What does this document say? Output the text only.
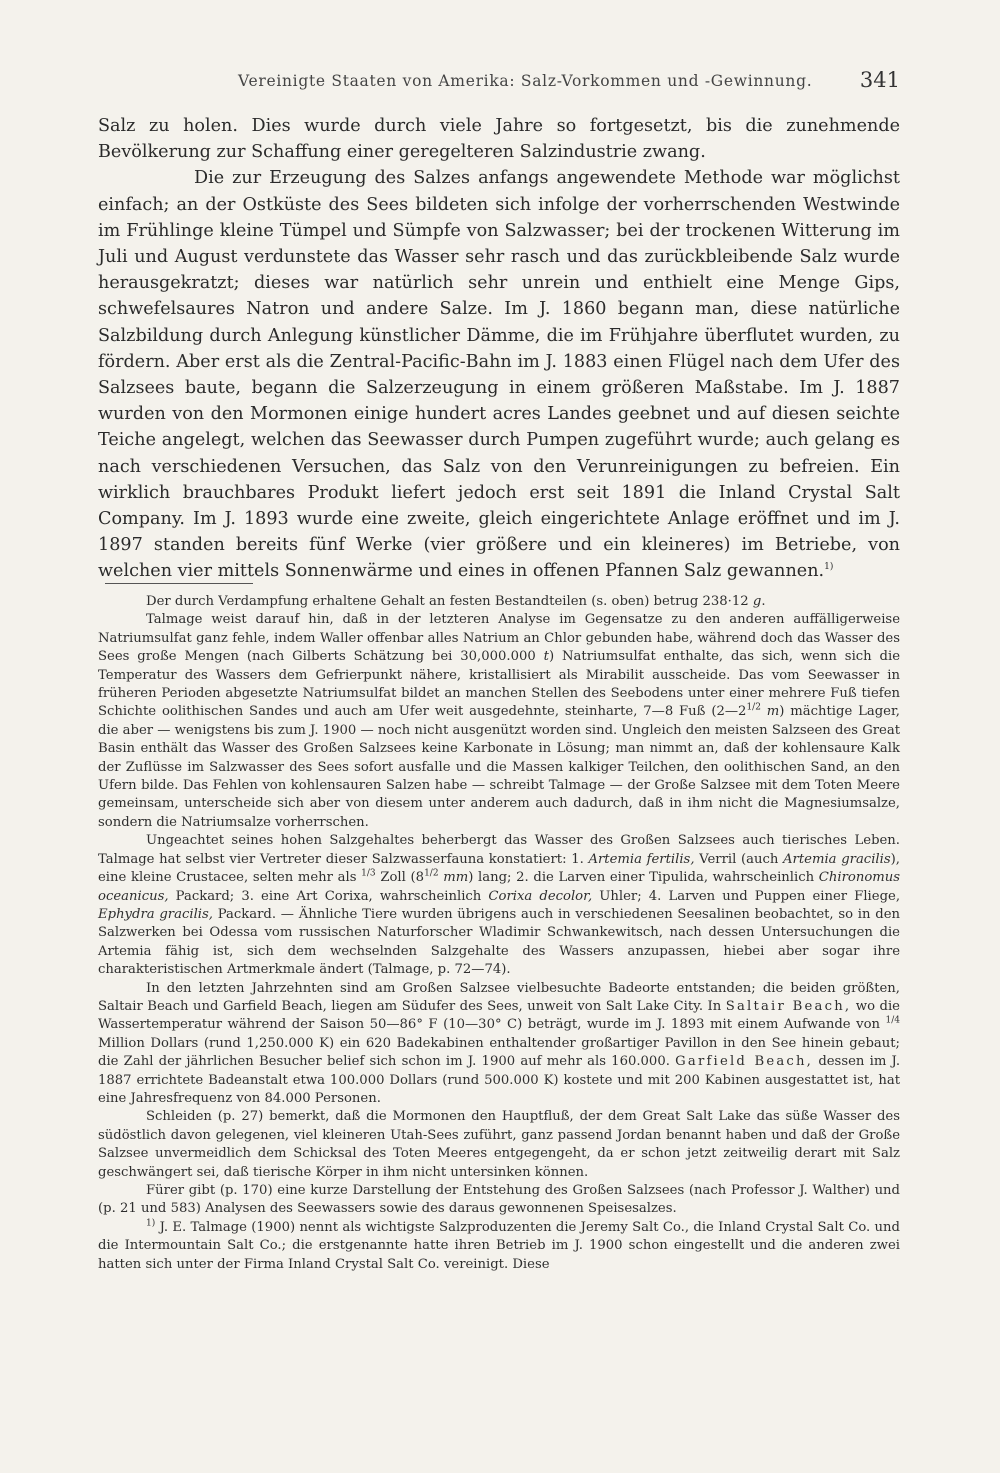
Vereinigte Staaten von Amerika: Salz-Vorkommen und -Gewinnung. 341

Salz zu holen. Dies wurde durch viele Jahre so fortgesetzt, bis die zunehmende Bevölkerung zur Schaffung einer geregelteren Salzindustrie zwang.

Die zur Erzeugung des Salzes anfangs angewendete Methode war möglichst einfach; an der Ostküste des Sees bildeten sich infolge der vorherrschenden Westwinde im Frühlinge kleine Tümpel und Sümpfe von Salzwasser; bei der trockenen Witterung im Juli und August verdunstete das Wasser sehr rasch und das zurückbleibende Salz wurde herausgekratzt; dieses war natürlich sehr unrein und enthielt eine Menge Gips, schwefelsaures Natron und andere Salze. Im J. 1860 begann man, diese natürliche Salzbildung durch Anlegung künstlicher Dämme, die im Frühjahre überflutet wurden, zu fördern. Aber erst als die Zentral-Pacific-Bahn im J. 1883 einen Flügel nach dem Ufer des Salzsees baute, begann die Salzerzeugung in einem größeren Maßstabe. Im J. 1887 wurden von den Mormonen einige hundert acres Landes geebnet und auf diesen seichte Teiche angelegt, welchen das Seewasser durch Pumpen zugeführt wurde; auch gelang es nach verschiedenen Versuchen, das Salz von den Verunreinigungen zu befreien. Ein wirklich brauchbares Produkt liefert jedoch erst seit 1891 die Inland Crystal Salt Company. Im J. 1893 wurde eine zweite, gleich eingerichtete Anlage eröffnet und im J. 1897 standen bereits fünf Werke (vier größere und ein kleineres) im Betriebe, von welchen vier mittels Sonnenwärme und eines in offenen Pfannen Salz gewannen.$^{1)}$

Der durch Verdampfung erhaltene Gehalt an festen Bestandteilen (s. oben) betrug 238·12 g.

Talmage weist darauf hin, daß in der letzteren Analyse im Gegensatze zu den anderen auffälligerweise Natriumsulfat ganz fehle, indem Waller offenbar alles Natrium an Chlor gebunden habe, während doch das Wasser des Sees große Mengen (nach Gilberts Schätzung bei 30,000.000 t) Natriumsulfat enthalte, das sich, wenn sich die Temperatur des Wassers dem Gefrierpunkt nähere, kristallisiert als Mirabilit ausscheide. Das vom Seewasser in früheren Perioden abgesetzte Natriumsulfat bildet an manchen Stellen des Seebodens unter einer mehrere Fuß tiefen Schichte oolithischen Sandes und auch am Ufer weit ausgedehnte, steinharte, 7—8 Fuß ($2—2^{1/2}$ m) mächtige Lager, die aber — wenigstens bis zum J. 1900 — noch nicht ausgenützt worden sind. Ungleich den meisten Salzseen des Great Basin enthält das Wasser des Großen Salzsees keine Karbonate in Lösung; man nimmt an, daß der kohlensaure Kalk der Zuflüsse im Salzwasser des Sees sofort ausfalle und die Massen kalkiger Teilchen, den oolithischen Sand, an den Ufern bilde. Das Fehlen von kohlensauren Salzen habe — schreibt Talmage — der Große Salzsee mit dem Toten Meere gemeinsam, unterscheide sich aber von diesem unter anderem auch dadurch, daß in ihm nicht die Magnesiumsalze, sondern die Natriumsalze vorherrschen.

Ungeachtet seines hohen Salzgehaltes beherbergt das Wasser des Großen Salzsees auch tierisches Leben. Talmage hat selbst vier Vertreter dieser Salzwasserfauna konstatiert: 1. Artemia fertilis, Verril (auch Artemia gracilis), eine kleine Crustacee, selten mehr als $^{1/3}$ Zoll ($8^{1/2}$ mm) lang; 2. die Larven einer Tipulida, wahrscheinlich Chironomus oceanicus, Packard; 3. eine Art Corixa, wahrscheinlich Corixa decolor, Uhler; 4. Larven und Puppen einer Fliege, Ephydra gracilis, Packard. — Ähnliche Tiere wurden übrigens auch in verschiedenen Seesalinen beobachtet, so in den Salzwerken bei Odessa vom russischen Naturforscher Wladimir Schwankewitsch, nach dessen Untersuchungen die Artemia fähig ist, sich dem wechselnden Salzgehalte des Wassers anzupassen, hiebei aber sogar ihre charakteristischen Artmerkmale ändert (Talmage, p. 72—74).

In den letzten Jahrzehnten sind am Großen Salzsee vielbesuchte Badeorte entstanden; die beiden größten, Saltair Beach und Garfield Beach, liegen am Südufer des Sees, unweit von Salt Lake City. In Saltair Beach, wo die Wassertemperatur während der Saison 50—86° F (10—30° C) beträgt, wurde im J. 1893 mit einem Aufwande von $^{1/4}$ Million Dollars (rund 1,250.000 K) ein 620 Badekabinen enthaltender großartiger Pavillon in den See hinein gebaut; die Zahl der jährlichen Besucher belief sich schon im J. 1900 auf mehr als 160.000. Garfield Beach, dessen im J. 1887 errichtete Badeanstalt etwa 100.000 Dollars (rund 500.000 K) kostete und mit 200 Kabinen ausgestattet ist, hat eine Jahresfrequenz von 84.000 Personen.

Schleiden (p. 27) bemerkt, daß die Mormonen den Hauptfluß, der dem Great Salt Lake das süße Wasser des südöstlich davon gelegenen, viel kleineren Utah-Sees zuführt, ganz passend Jordan benannt haben und daß der Große Salzsee unvermeidlich dem Schicksal des Toten Meeres entgegengeht, da er schon jetzt zeitweilig derart mit Salz geschwängert sei, daß tierische Körper in ihm nicht untersinken können.

Fürer gibt (p. 170) eine kurze Darstellung der Entstehung des Großen Salzsees (nach Professor J. Walther) und (p. 21 und 583) Analysen des Seewassers sowie des daraus gewonnenen Speisesalzes.

$^{1)}$ J. E. Talmage (1900) nennt als wichtigste Salzproduzenten die Jeremy Salt Co., die Inland Crystal Salt Co. und die Intermountain Salt Co.; die erstgenannte hatte ihren Betrieb im J. 1900 schon eingestellt und die anderen zwei hatten sich unter der Firma Inland Crystal Salt Co. vereinigt. Diese
